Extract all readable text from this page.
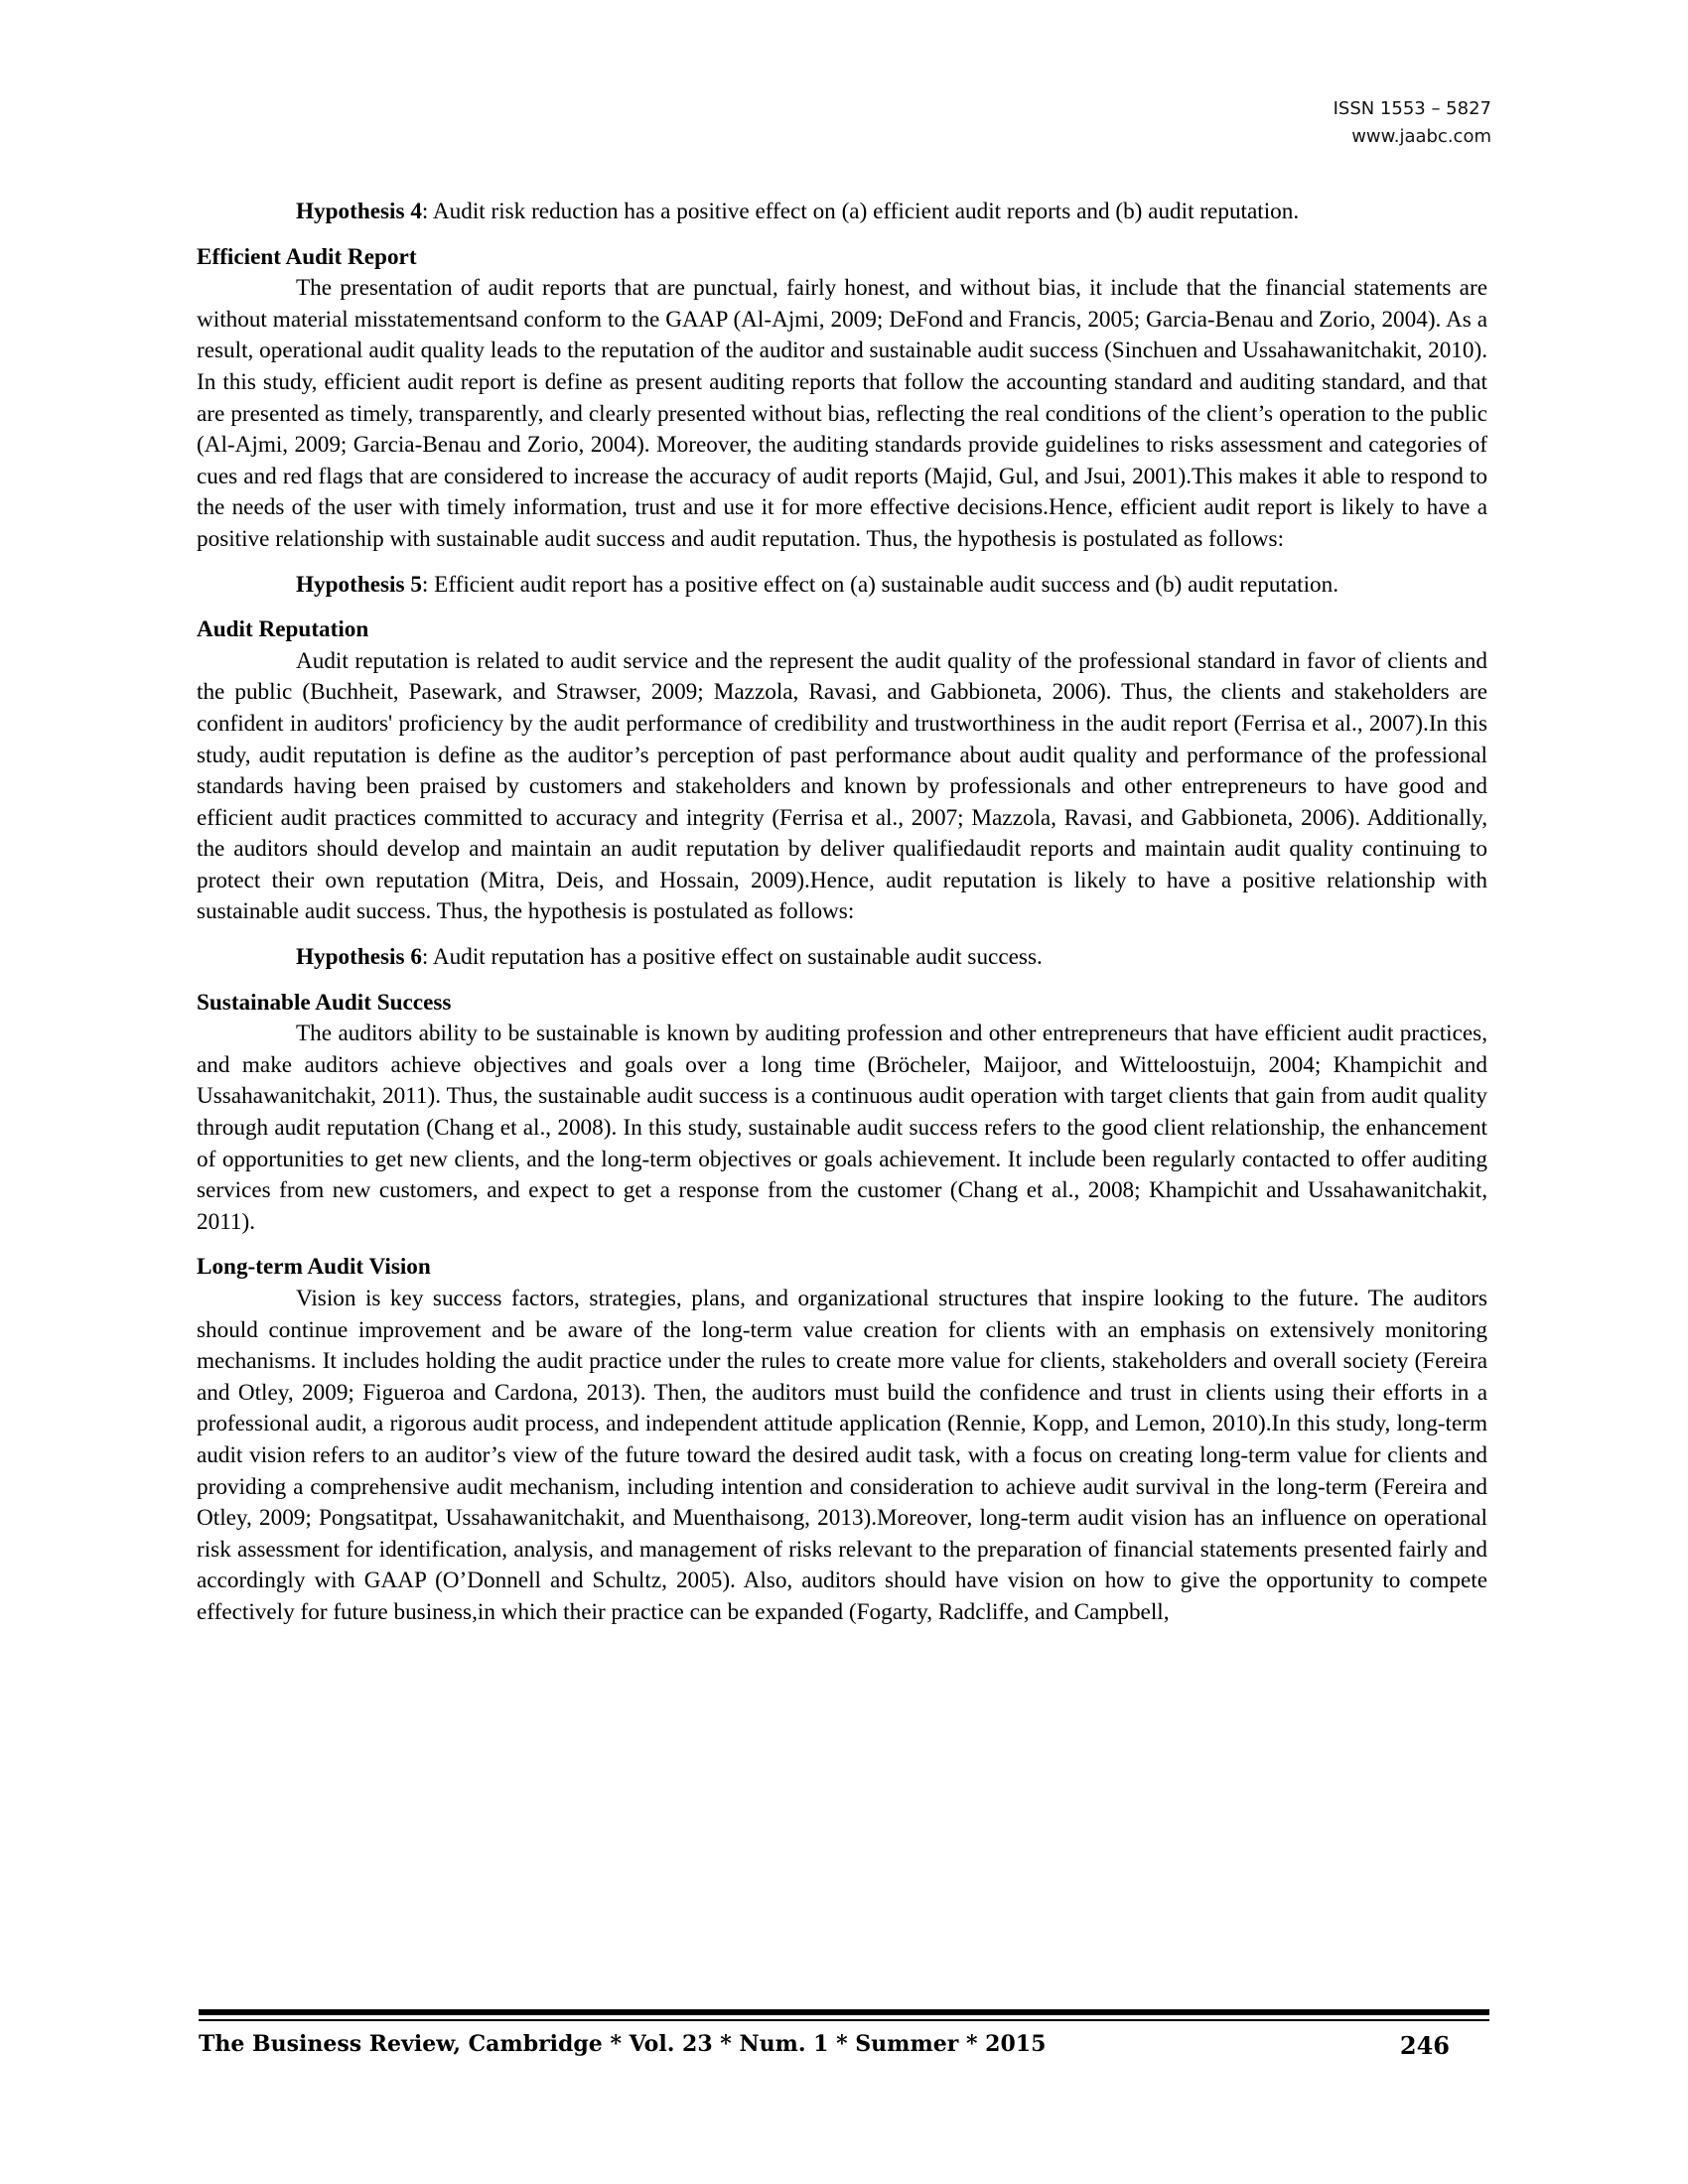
ISSN 1553 – 5827
www.jaabc.com

Hypothesis 4: Audit risk reduction has a positive effect on (a) efficient audit reports and (b) audit reputation.

Efficient Audit Report

The presentation of audit reports that are punctual, fairly honest, and without bias, it include that the financial statements are without material misstatementsand conform to the GAAP (Al-Ajmi, 2009; DeFond and Francis, 2005; Garcia-Benau and Zorio, 2004). As a result, operational audit quality leads to the reputation of the auditor and sustainable audit success (Sinchuen and Ussahawanitchakit, 2010). In this study, efficient audit report is define as present auditing reports that follow the accounting standard and auditing standard, and that are presented as timely, transparently, and clearly presented without bias, reflecting the real conditions of the client’s operation to the public (Al-Ajmi, 2009; Garcia-Benau and Zorio, 2004). Moreover, the auditing standards provide guidelines to risks assessment and categories of cues and red flags that are considered to increase the accuracy of audit reports (Majid, Gul, and Jsui, 2001).This makes it able to respond to the needs of the user with timely information, trust and use it for more effective decisions.Hence, efficient audit report is likely to have a positive relationship with sustainable audit success and audit reputation. Thus, the hypothesis is postulated as follows:

Hypothesis 5: Efficient audit report has a positive effect on (a) sustainable audit success and (b) audit reputation.

Audit Reputation

Audit reputation is related to audit service and the represent the audit quality of the professional standard in favor of clients and the public (Buchheit, Pasewark, and Strawser, 2009; Mazzola, Ravasi, and Gabbioneta, 2006). Thus, the clients and stakeholders are confident in auditors' proficiency by the audit performance of credibility and trustworthiness in the audit report (Ferrisa et al., 2007).In this study, audit reputation is define as the auditor’s perception of past performance about audit quality and performance of the professional standards having been praised by customers and stakeholders and known by professionals and other entrepreneurs to have good and efficient audit practices committed to accuracy and integrity (Ferrisa et al., 2007; Mazzola, Ravasi, and Gabbioneta, 2006). Additionally, the auditors should develop and maintain an audit reputation by deliver qualifiedaudit reports and maintain audit quality continuing to protect their own reputation (Mitra, Deis, and Hossain, 2009).Hence, audit reputation is likely to have a positive relationship with sustainable audit success. Thus, the hypothesis is postulated as follows:

Hypothesis 6: Audit reputation has a positive effect on sustainable audit success.

Sustainable Audit Success

The auditors ability to be sustainable is known by auditing profession and other entrepreneurs that have efficient audit practices, and make auditors achieve objectives and goals over a long time (Bröcheler, Maijoor, and Witteloostuijn, 2004; Khampichit and Ussahawanitchakit, 2011). Thus, the sustainable audit success is a continuous audit operation with target clients that gain from audit quality through audit reputation (Chang et al., 2008). In this study, sustainable audit success refers to the good client relationship, the enhancement of opportunities to get new clients, and the long-term objectives or goals achievement. It include been regularly contacted to offer auditing services from new customers, and expect to get a response from the customer (Chang et al., 2008; Khampichit and Ussahawanitchakit, 2011).

Long-term Audit Vision

Vision is key success factors, strategies, plans, and organizational structures that inspire looking to the future. The auditors should continue improvement and be aware of the long-term value creation for clients with an emphasis on extensively monitoring mechanisms. It includes holding the audit practice under the rules to create more value for clients, stakeholders and overall society (Fereira and Otley, 2009; Figueroa and Cardona, 2013). Then, the auditors must build the confidence and trust in clients using their efforts in a professional audit, a rigorous audit process, and independent attitude application (Rennie, Kopp, and Lemon, 2010).In this study, long-term audit vision refers to an auditor’s view of the future toward the desired audit task, with a focus on creating long-term value for clients and providing a comprehensive audit mechanism, including intention and consideration to achieve audit survival in the long-term (Fereira and Otley, 2009; Pongsatitpat, Ussahawanitchakit, and Muenthaisong, 2013).Moreover, long-term audit vision has an influence on operational risk assessment for identification, analysis, and management of risks relevant to the preparation of financial statements presented fairly and accordingly with GAAP (O’Donnell and Schultz, 2005). Also, auditors should have vision on how to give the opportunity to compete effectively for future business,in which their practice can be expanded (Fogarty, Radcliffe, and Campbell,

The Business Review, Cambridge * Vol. 23 * Num. 1 * Summer * 2015	246
